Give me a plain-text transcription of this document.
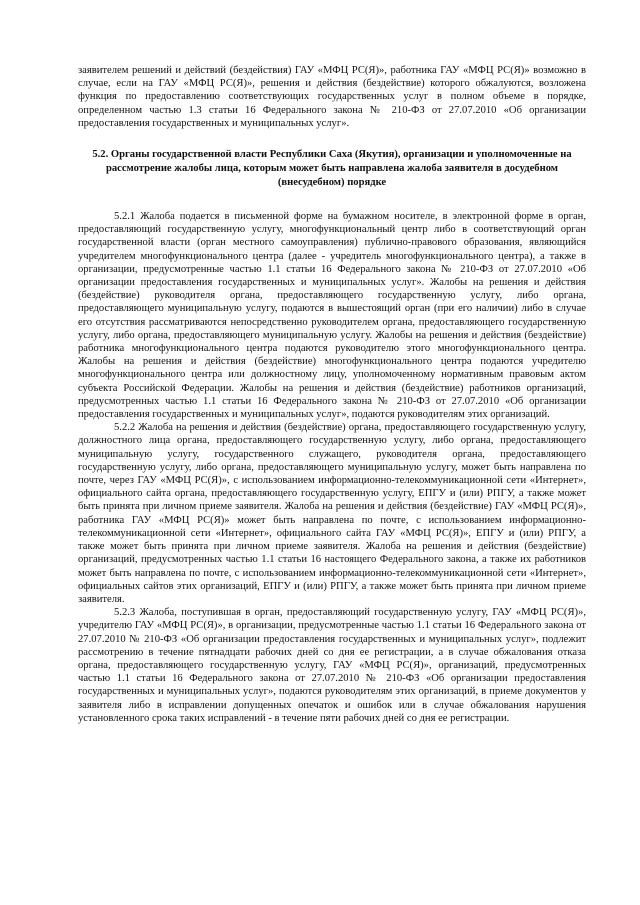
заявителем решений и действий (бездействия) ГАУ «МФЦ РС(Я)», работника ГАУ «МФЦ РС(Я)» возможно в случае, если на ГАУ «МФЦ РС(Я)», решения и действия (бездействие) которого обжалуются, возложена функция по предоставлению соответствующих государственных услуг в полном объеме в порядке, определенном частью 1.3 статьи 16 Федерального закона № 210-ФЗ от 27.07.2010 «Об организации предоставления государственных и муниципальных услуг».

5.2. Органы государственной власти Республики Саха (Якутия), организации и уполномоченные на рассмотрение жалобы лица, которым может быть направлена жалоба заявителя в досудебном (внесудебном) порядке

5.2.1 Жалоба подается в письменной форме на бумажном носителе, в электронной форме в орган, предоставляющий государственную услугу, многофункциональный центр либо в соответствующий орган государственной власти (орган местного самоуправления) публично-правового образования, являющийся учредителем многофункционального центра (далее - учредитель многофункционального центра), а также в организации, предусмотренные частью 1.1 статьи 16 Федерального закона № 210-ФЗ от 27.07.2010 «Об организации предоставления государственных и муниципальных услуг». Жалобы на решения и действия (бездействие) руководителя органа, предоставляющего государственную услугу, либо органа, предоставляющего муниципальную услугу, подаются в вышестоящий орган (при его наличии) либо в случае его отсутствия рассматриваются непосредственно руководителем органа, предоставляющего государственную услугу, либо органа, предоставляющего муниципальную услугу. Жалобы на решения и действия (бездействие) работника многофункционального центра подаются руководителю этого многофункционального центра. Жалобы на решения и действия (бездействие) многофункционального центра подаются учредителю многофункционального центра или должностному лицу, уполномоченному нормативным правовым актом субъекта Российской Федерации. Жалобы на решения и действия (бездействие) работников организаций, предусмотренных частью 1.1 статьи 16 Федерального закона № 210-ФЗ от 27.07.2010 «Об организации предоставления государственных и муниципальных услуг», подаются руководителям этих организаций.

5.2.2 Жалоба на решения и действия (бездействие) органа, предоставляющего государственную услугу, должностного лица органа, предоставляющего государственную услугу, либо органа, предоставляющего муниципальную услугу, государственного служащего, руководителя органа, предоставляющего государственную услугу, либо органа, предоставляющего муниципальную услугу, может быть направлена по почте, через ГАУ «МФЦ РС(Я)», с использованием информационно-телекоммуникационной сети «Интернет», официального сайта органа, предоставляющего государственную услугу, ЕПГУ и (или) РПГУ, а также может быть принята при личном приеме заявителя. Жалоба на решения и действия (бездействие) ГАУ «МФЦ РС(Я)», работника ГАУ «МФЦ РС(Я)» может быть направлена по почте, с использованием информационно-телекоммуникационной сети «Интернет», официального сайта ГАУ «МФЦ РС(Я)», ЕПГУ и (или) РПГУ, а также может быть принята при личном приеме заявителя. Жалоба на решения и действия (бездействие) организаций, предусмотренных частью 1.1 статьи 16 настоящего Федерального закона, а также их работников может быть направлена по почте, с использованием информационно-телекоммуникационной сети «Интернет», официальных сайтов этих организаций, ЕПГУ и (или) РПГУ, а также может быть принята при личном приеме заявителя.

5.2.3 Жалоба, поступившая в орган, предоставляющий государственную услугу, ГАУ «МФЦ РС(Я)», учредителю ГАУ «МФЦ РС(Я)», в организации, предусмотренные частью 1.1 статьи 16 Федерального закона от 27.07.2010 № 210-ФЗ «Об организации предоставления государственных и муниципальных услуг», подлежит рассмотрению в течение пятнадцати рабочих дней со дня ее регистрации, а в случае обжалования отказа органа, предоставляющего государственную услугу, ГАУ «МФЦ РС(Я)», организаций, предусмотренных частью 1.1 статьи 16 Федерального закона от 27.07.2010 № 210-ФЗ «Об организации предоставления государственных и муниципальных услуг», подаются руководителям этих организаций, в приеме документов у заявителя либо в исправлении допущенных опечаток и ошибок или в случае обжалования нарушения установленного срока таких исправлений - в течение пяти рабочих дней со дня ее регистрации.
